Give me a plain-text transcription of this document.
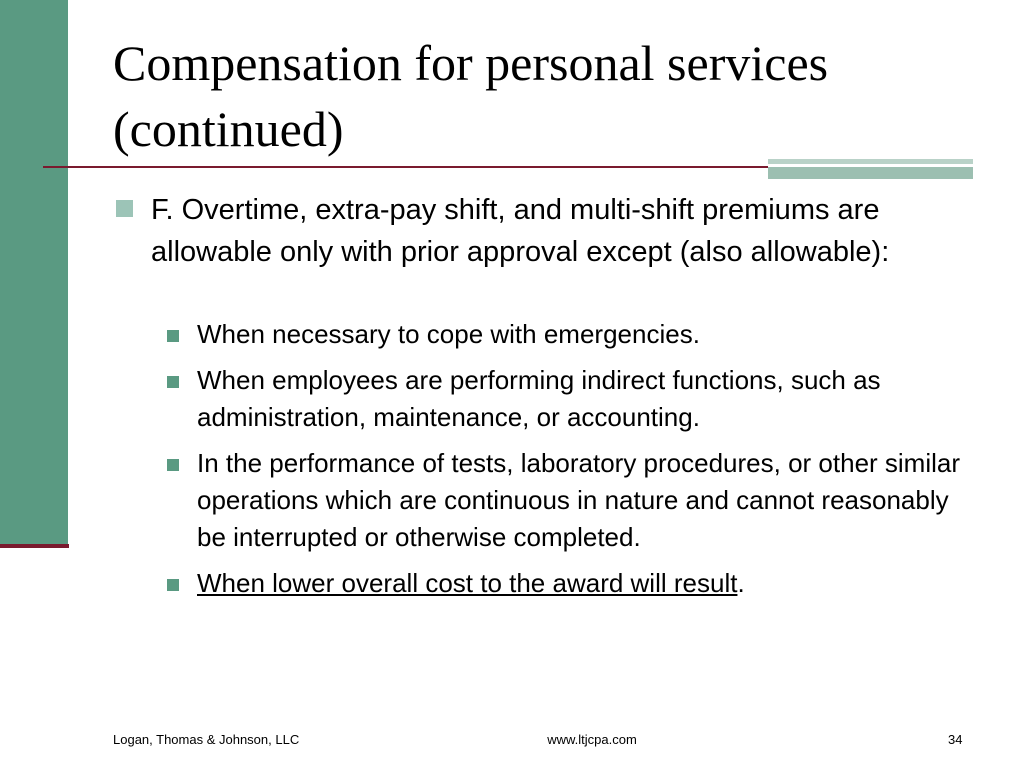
Compensation for personal services (continued)
F. Overtime, extra-pay shift, and multi-shift premiums are allowable only with prior approval except (also allowable):
When necessary to cope with emergencies.
When employees are performing indirect functions, such as administration, maintenance, or accounting.
In the performance of tests, laboratory procedures, or other similar operations which are continuous in nature and cannot reasonably be interrupted or otherwise completed.
When lower overall cost to the award will result.
Logan, Thomas & Johnson, LLC	www.ltjcpa.com	34
